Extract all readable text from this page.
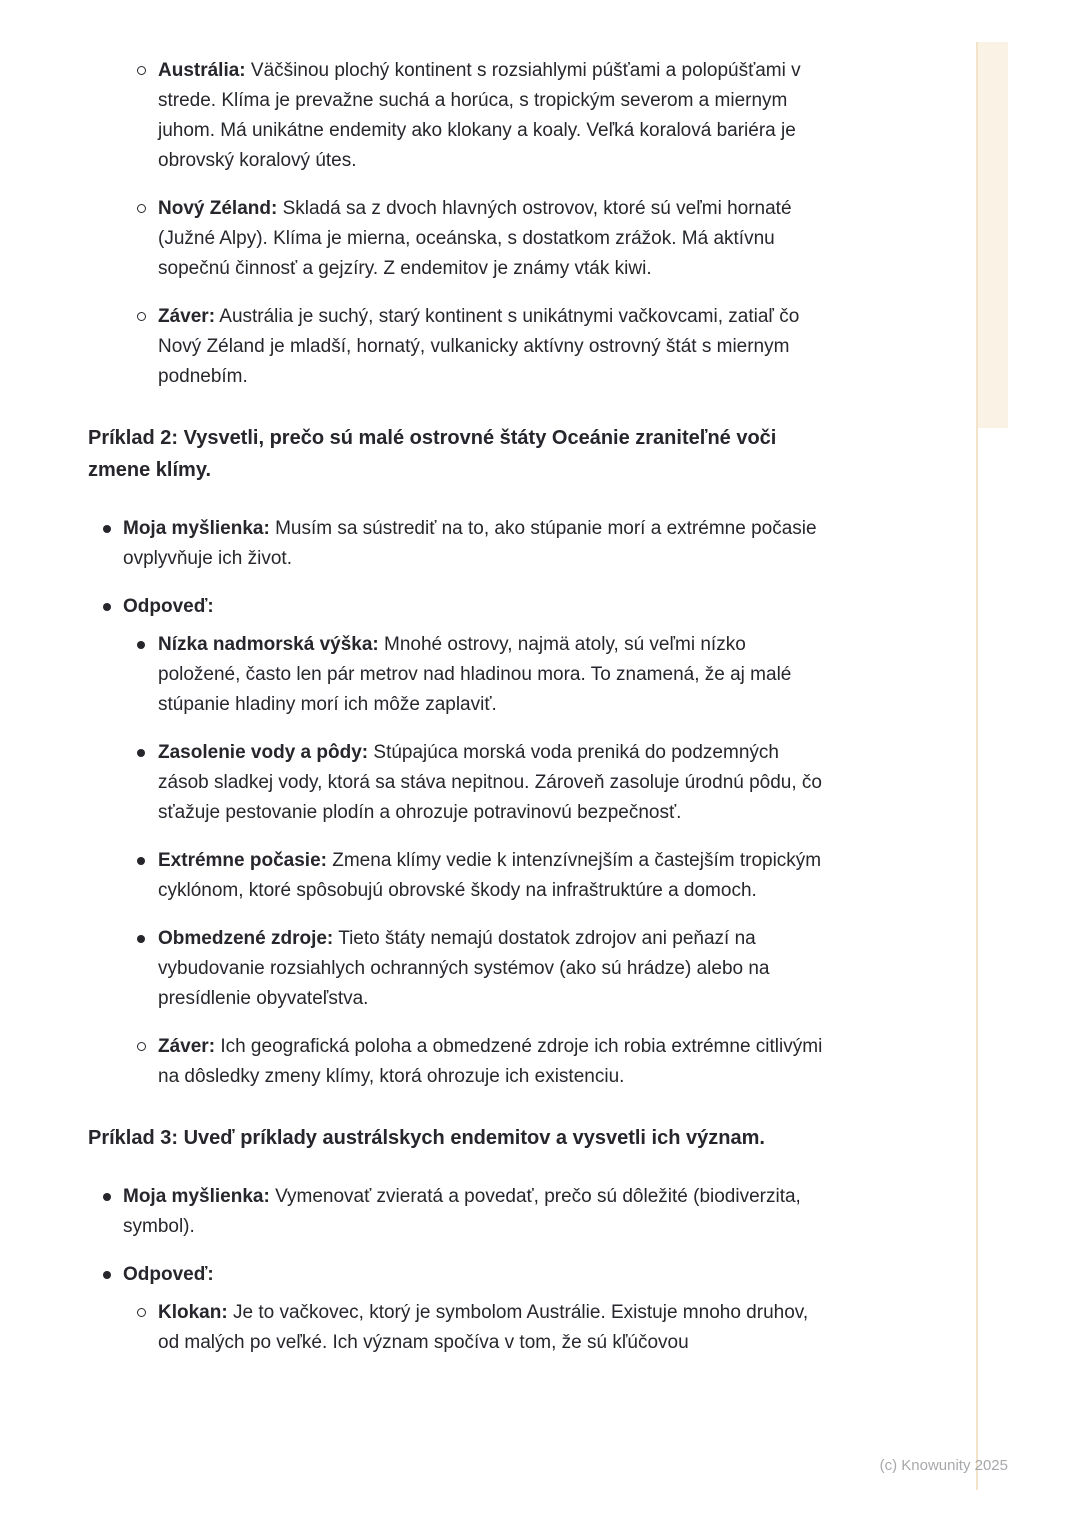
Austrália: Väčšinou plochý kontinent s rozsiahlymi púšťami a polopúšťami v strede. Klíma je prevažne suchá a horúca, s tropickým severom a miernym juhom. Má unikátne endemity ako klokany a koaly. Veľká koralová bariéra je obrovský koralový útes.
Nový Zéland: Skladá sa z dvoch hlavných ostrovov, ktoré sú veľmi hornaté (Južné Alpy). Klíma je mierna, oceánska, s dostatkom zrážok. Má aktívnu sopečnú činnosť a gejzíry. Z endemitov je známy vták kiwi.
Záver: Austrália je suchý, starý kontinent s unikátnymi vačkovcami, zatiaľ čo Nový Zéland je mladší, hornatý, vulkanicky aktívny ostrovný štát s miernym podnebím.
Príklad 2: Vysvetli, prečo sú malé ostrovné štáty Oceánie zraniteľné voči zmene klímy.
Moja myšlienka: Musím sa sústrediť na to, ako stúpanie morí a extrémne počasie ovplyvňuje ich život.
Odpoveď:
Nízka nadmorská výška: Mnohé ostrovy, najmä atoly, sú veľmi nízko položené, často len pár metrov nad hladinou mora. To znamená, že aj malé stúpanie hladiny morí ich môže zaplaviť.
Zasolenie vody a pôdy: Stúpajúca morská voda preniká do podzemných zásob sladkej vody, ktorá sa stáva nepitnou. Zároveň zasoluje úrodnú pôdu, čo sťažuje pestovanie plodín a ohrozuje potravinovú bezpečnosť.
Extrémne počasie: Zmena klímy vedie k intenzívnejším a častejším tropickým cyklónom, ktoré spôsobujú obrovské škody na infraštruktúre a domoch.
Obmedzené zdroje: Tieto štáty nemajú dostatok zdrojov ani peňazí na vybudovanie rozsiahlych ochranných systémov (ako sú hrádze) alebo na presídlenie obyvateľstva.
Záver: Ich geografická poloha a obmedzené zdroje ich robia extrémne citlivými na dôsledky zmeny klímy, ktorá ohrozuje ich existenciu.
Príklad 3: Uveď príklady austrálskych endemitov a vysvetli ich význam.
Moja myšlienka: Vymenovať zvieratá a povedať, prečo sú dôležité (biodiverzita, symbol).
Odpoveď:
Klokan: Je to vačkovec, ktorý je symbolom Austrálie. Existuje mnoho druhov, od malých po veľké. Ich význam spočíva v tom, že sú kľúčovou
(c) Knowunity 2025
